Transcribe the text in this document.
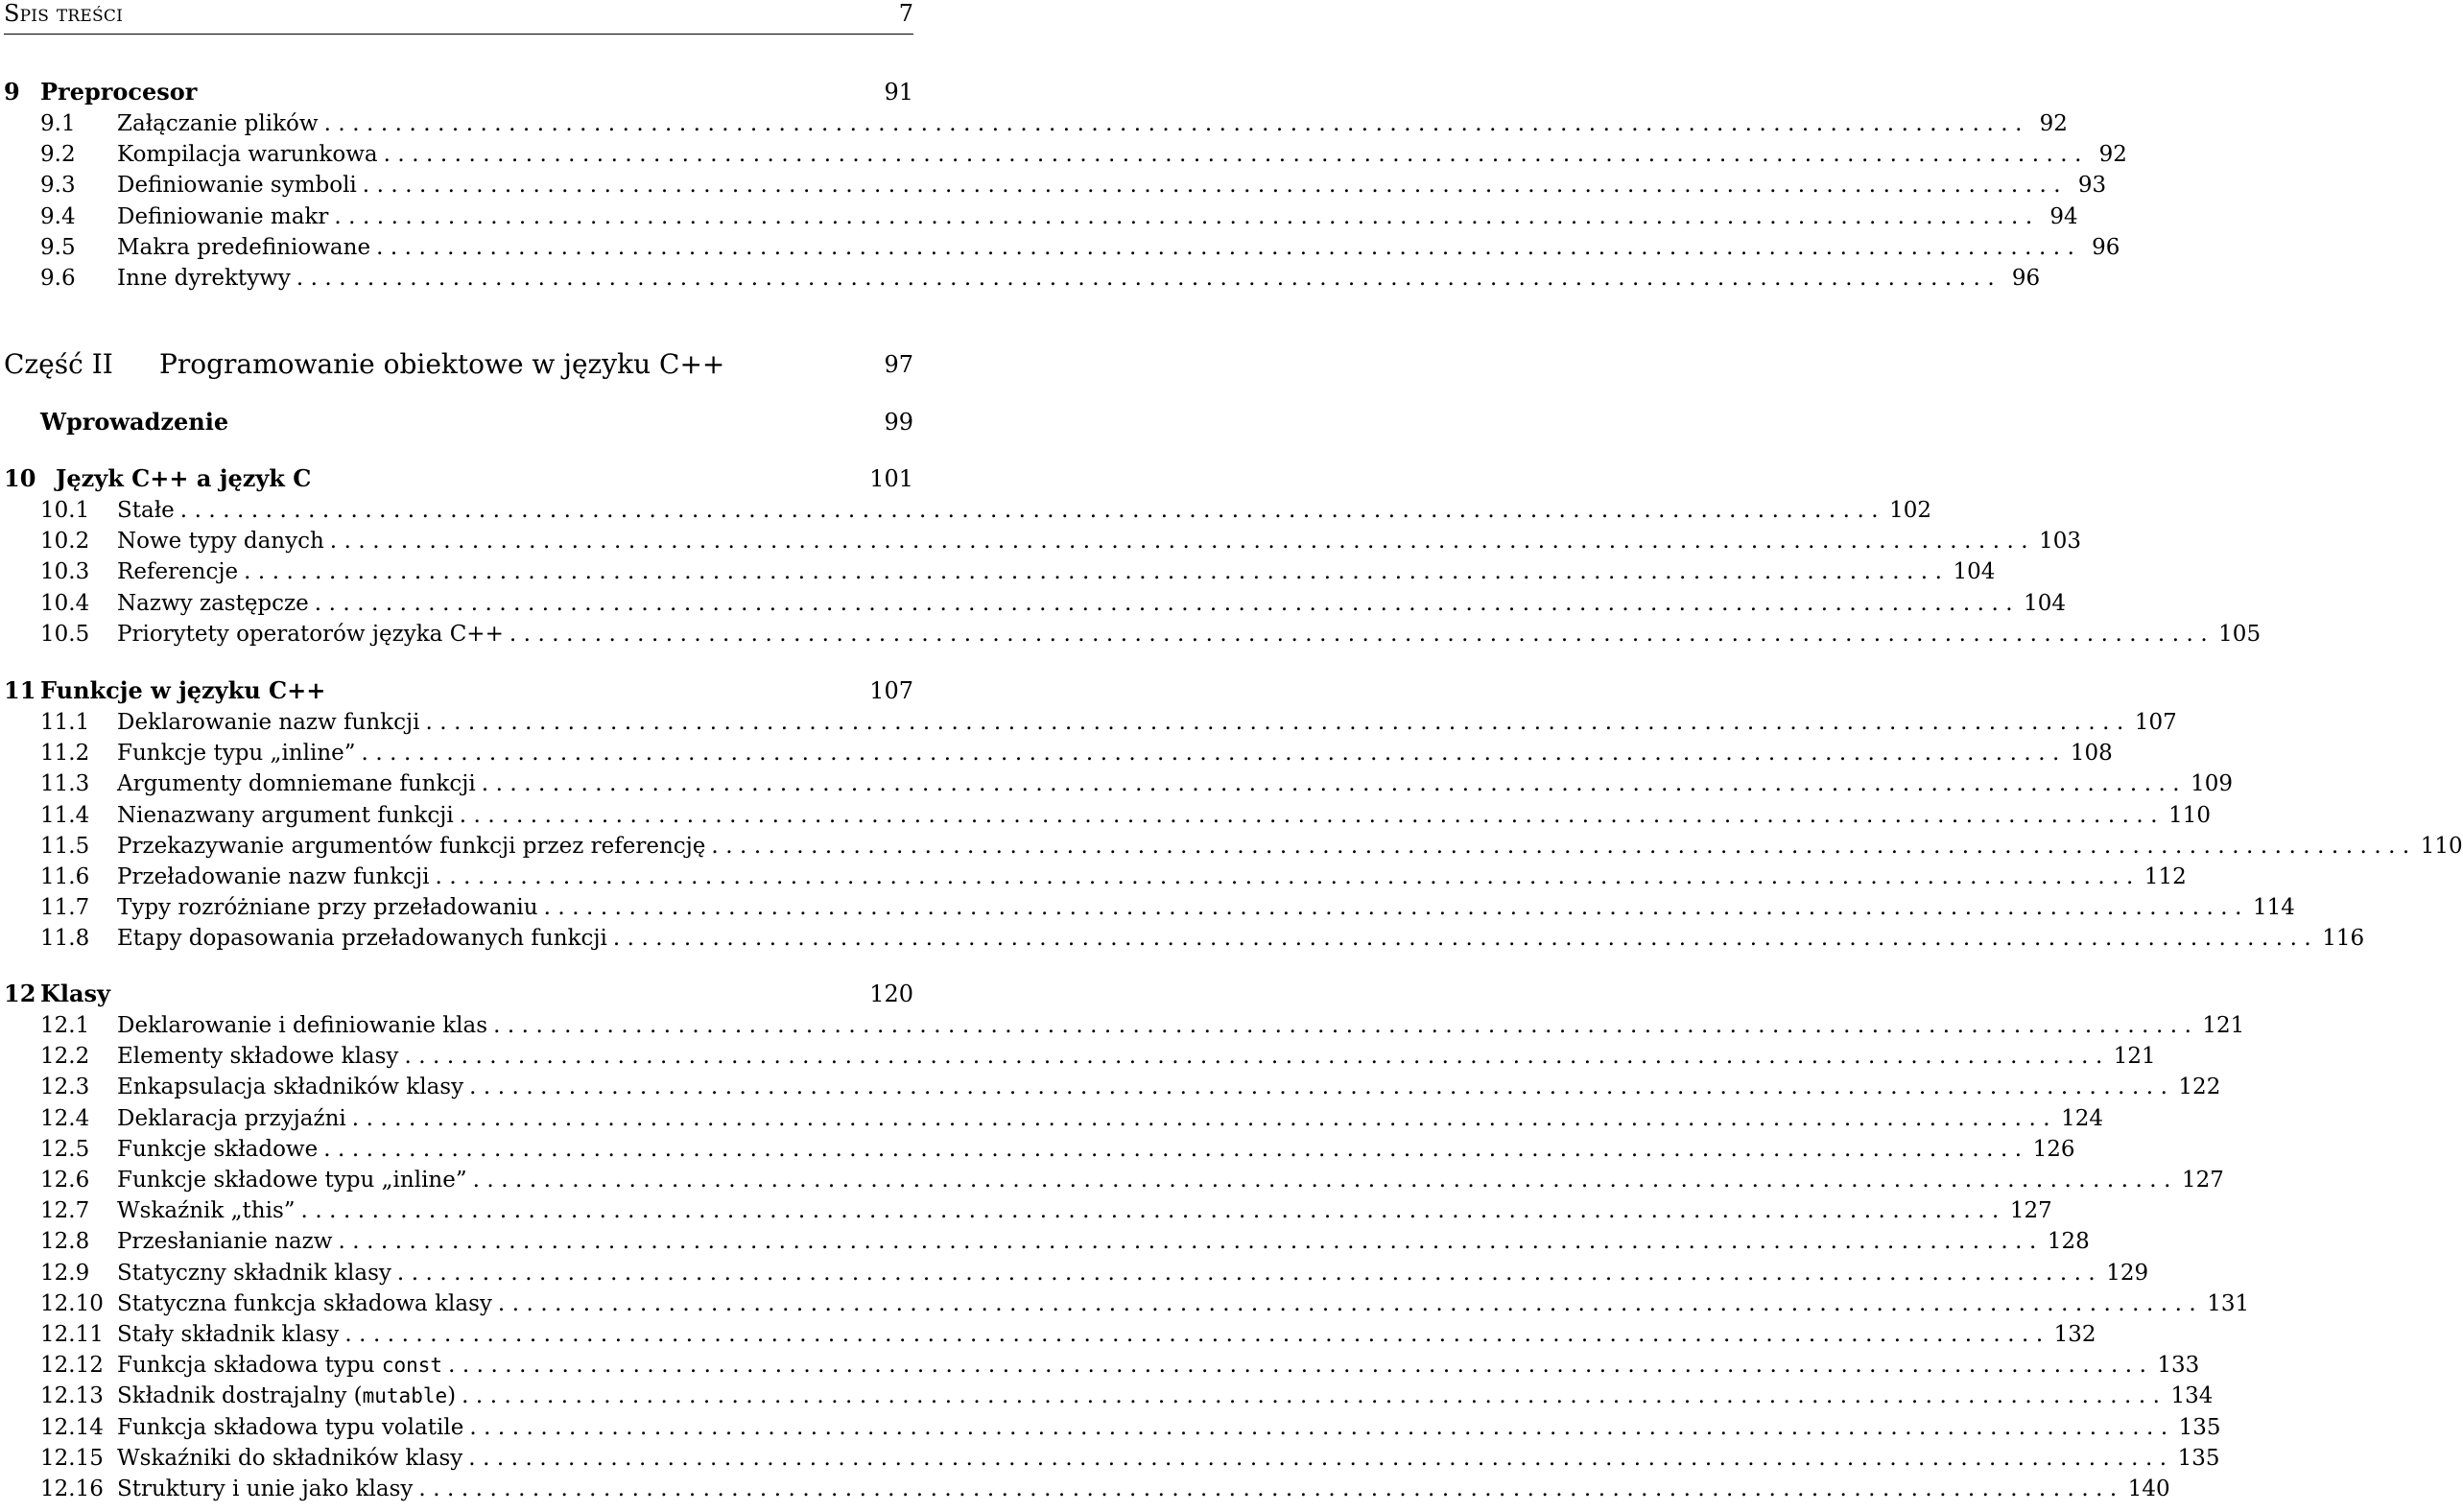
Spis treści	7
9 Preprocesor	91
9.1 Załączanie plików ........................................................................................................................ 92
9.2 Kompilacja warunkowa ........................................................................................................................ 92
9.3 Definiowanie symboli ........................................................................................................................ 93
9.4 Definiowanie makr ........................................................................................................................ 94
9.5 Makra predefiniowane ........................................................................................................................ 96
9.6 Inne dyrektywy ........................................................................................................................ 96
Część II Programowanie obiektowe w języku C++	97
Wprowadzenie	99
10 Język C++ a język C	101
10.1 Stałe ........................................................................................................................ 102
10.2 Nowe typy danych ........................................................................................................................ 103
10.3 Referencje ........................................................................................................................ 104
10.4 Nazwy zastępcze ........................................................................................................................ 104
10.5 Priorytety operatorów języka C++ ........................................................................................................................ 105
11 Funkcje w języku C++	107
11.1 Deklarowanie nazw funkcji ........................................................................................................................ 107
11.2 Funkcje typu „inline” ........................................................................................................................ 108
11.3 Argumenty domniemane funkcji ........................................................................................................................ 109
11.4 Nienazwany argument funkcji ........................................................................................................................ 110
11.5 Przekazywanie argumentów funkcji przez referencję ........................................................................................................................ 110
11.6 Przeładowanie nazw funkcji ........................................................................................................................ 112
11.7 Typy rozróżniane przy przeładowaniu ........................................................................................................................ 114
11.8 Etapy dopasowania przeładowanych funkcji ........................................................................................................................ 116
12 Klasy	120
12.1 Deklarowanie i definiowanie klas ........................................................................................................................ 121
12.2 Elementy składowe klasy ........................................................................................................................ 121
12.3 Enkapsulacja składników klasy ........................................................................................................................ 122
12.4 Deklaracja przyjaźni ........................................................................................................................ 124
12.5 Funkcje składowe ........................................................................................................................ 126
12.6 Funkcje składowe typu „inline” ........................................................................................................................ 127
12.7 Wskaźnik „this” ........................................................................................................................ 127
12.8 Przesłanianie nazw ........................................................................................................................ 128
12.9 Statyczny składnik klasy ........................................................................................................................ 129
12.10 Statyczna funkcja składowa klasy ........................................................................................................................ 131
12.11 Stały składnik klasy ........................................................................................................................ 132
12.12 Funkcja składowa typu const ........................................................................................................................ 133
12.13 Składnik dostrajalny (mutable) ........................................................................................................................ 134
12.14 Funkcja składowa typu volatile ........................................................................................................................ 135
12.15 Wskaźniki do składników klasy ........................................................................................................................ 135
12.16 Struktury i unie jako klasy ........................................................................................................................ 140
